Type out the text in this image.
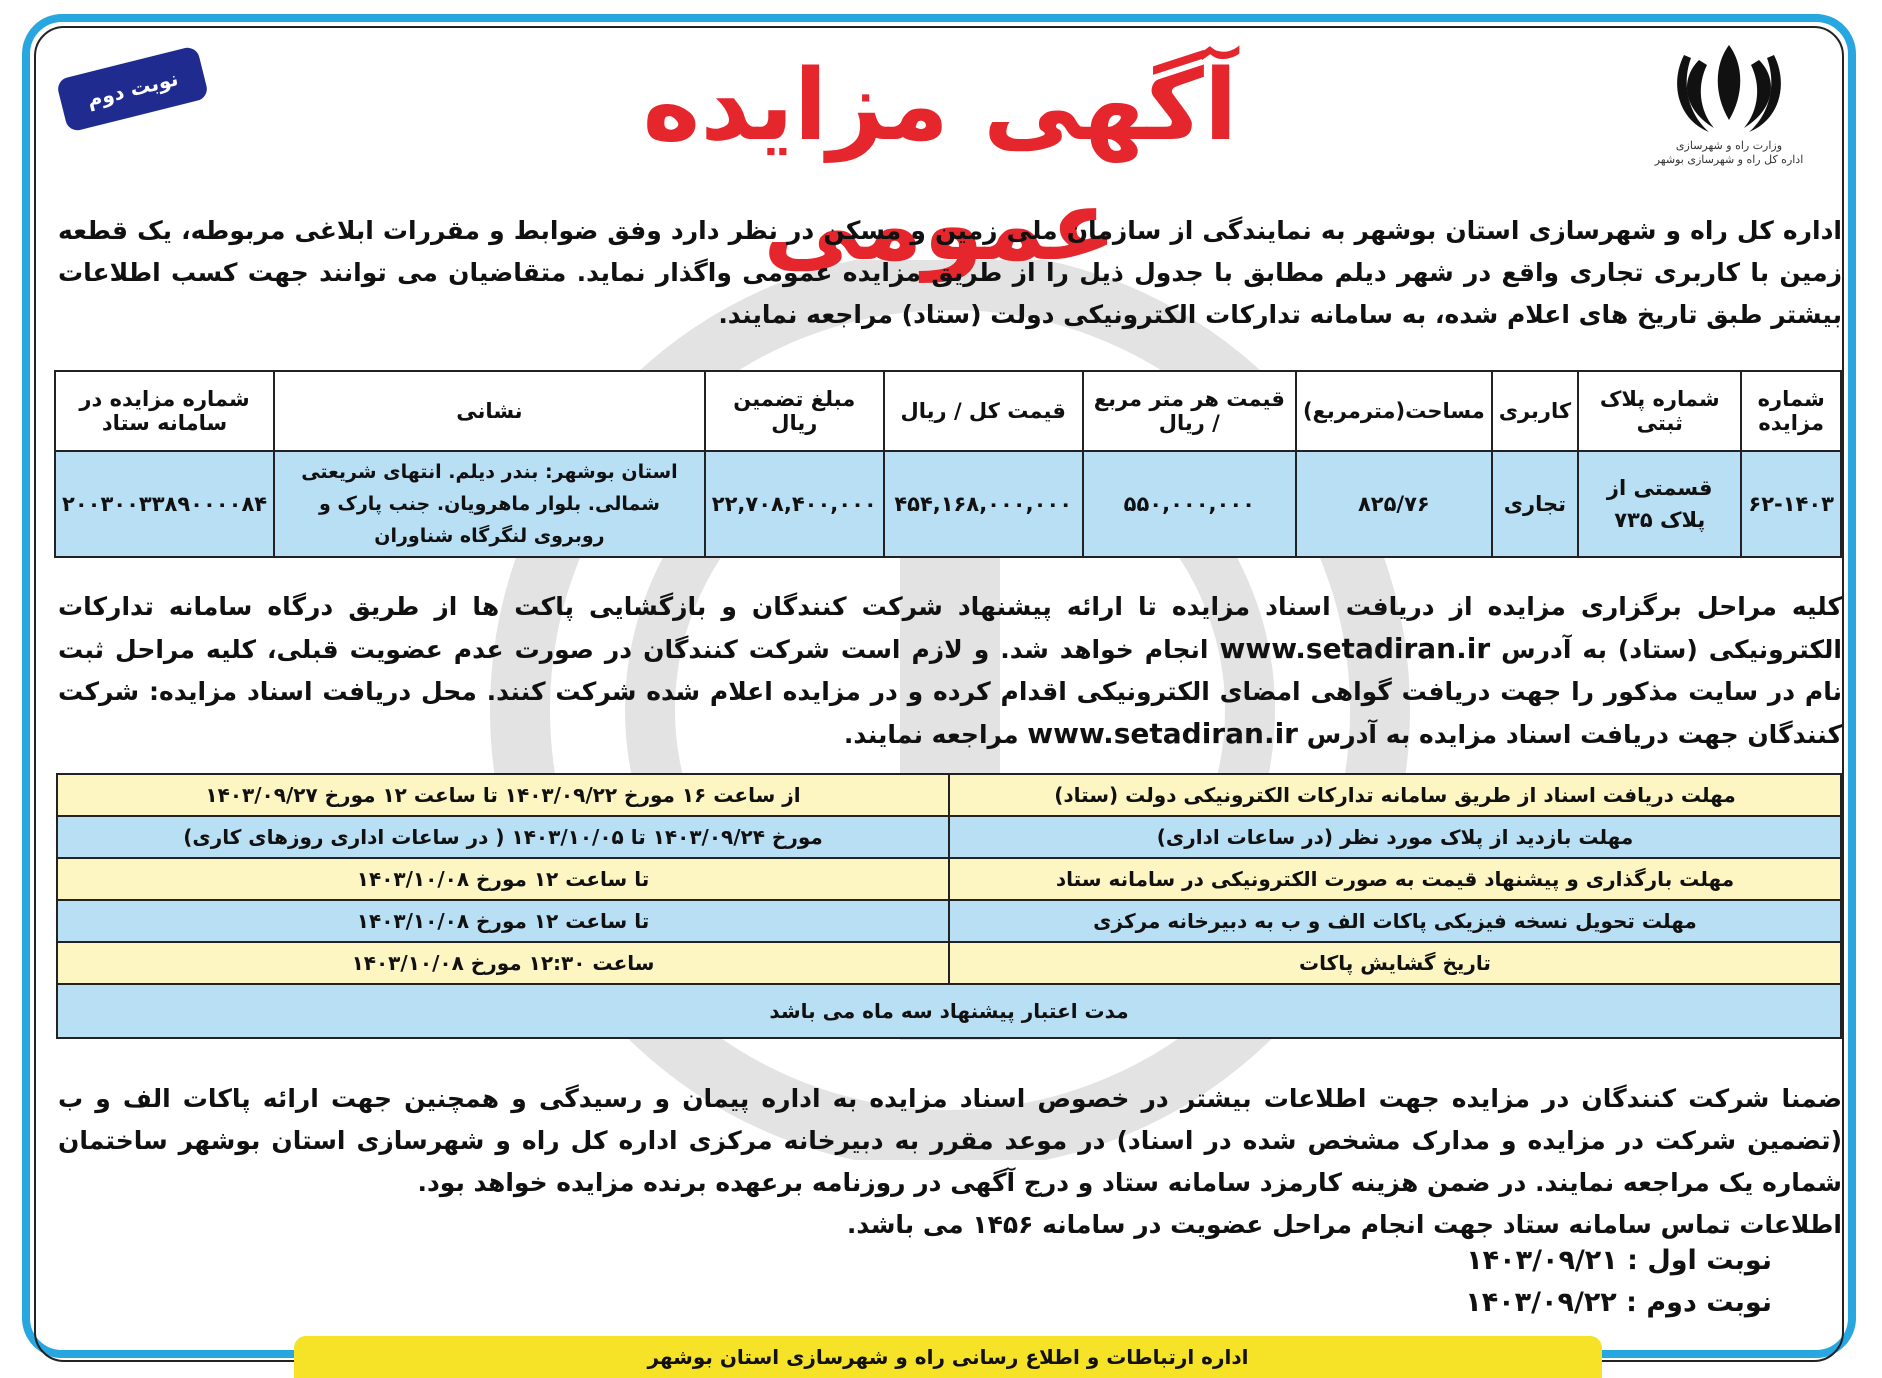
وزارت راه و شهرسازی
اداره کل راه و شهرسازی بوشهر
نوبت دوم	آگهی مزایده عمومی
اداره کل راه و شهرسازی استان بوشهر به نمایندگی از سازمان ملی زمین و مسکن در نظر دارد وفق ضوابط و مقررات ابلاغی مربوطه، یک قطعه زمین با کاربری تجاری واقع در شهر دیلم مطابق با جدول ذیل را از طریق مزایده عمومی واگذار نماید. متقاضیان می توانند جهت کسب اطلاعات بیشتر طبق تاریخ های اعلام شده، به سامانه تدارکات الکترونیکی دولت (ستاد) مراجعه نمایند.
شماره مزایده	شماره پلاک ثبتی	کاربری	مساحت(مترمربع)	قیمت هر متر مربع / ریال	قیمت کل / ریال	مبلغ تضمین ریال	نشانی	شماره مزایده در سامانه ستاد
۶۲-۱۴۰۳	قسمتی از پلاک ۷۳۵	تجاری	۸۲۵/۷۶	۵۵۰,۰۰۰,۰۰۰	۴۵۴,۱۶۸,۰۰۰,۰۰۰	۲۲,۷۰۸,۴۰۰,۰۰۰	استان بوشهر: بندر دیلم. انتهای شریعتی شمالی. بلوار ماهرویان. جنب پارک و روبروی لنگرگاه شناوران	۲۰۰۳۰۰۳۳۸۹۰۰۰۰۸۴
کلیه مراحل برگزاری مزایده از دریافت اسناد مزایده تا ارائه پیشنهاد شرکت کنندگان و بازگشایی پاکت ها از طریق درگاه سامانه تدارکات الکترونیکی (ستاد) به آدرس www.setadiran.ir انجام خواهد شد. و لازم است شرکت کنندگان در صورت عدم عضویت قبلی، کلیه مراحل ثبت نام در سایت مذکور را جهت دریافت گواهی امضای الکترونیکی اقدام کرده و در مزایده اعلام شده شرکت کنند. محل دریافت اسناد مزایده: شرکت کنندگان جهت دریافت اسناد مزایده به آدرس www.setadiran.ir مراجعه نمایند.
مهلت دریافت اسناد از طریق سامانه تدارکات الکترونیکی دولت (ستاد)	از ساعت ۱۶ مورخ ۱۴۰۳/۰۹/۲۲ تا ساعت ۱۲ مورخ ۱۴۰۳/۰۹/۲۷
مهلت بازدید از پلاک مورد نظر (در ساعات اداری)	مورخ ۱۴۰۳/۰۹/۲۴ تا ۱۴۰۳/۱۰/۰۵ ( در ساعات اداری روزهای کاری)
مهلت بارگذاری و پیشنهاد قیمت به صورت الکترونیکی در سامانه ستاد	تا ساعت ۱۲ مورخ ۱۴۰۳/۱۰/۰۸
مهلت تحویل نسخه فیزیکی پاکات الف و ب به دبیرخانه مرکزی	تا ساعت ۱۲ مورخ ۱۴۰۳/۱۰/۰۸
تاریخ گشایش پاکات	ساعت ۱۲:۳۰ مورخ ۱۴۰۳/۱۰/۰۸
مدت اعتبار پیشنهاد سه ماه می باشد	
ضمنا شرکت کنندگان در مزایده جهت اطلاعات بیشتر در خصوص اسناد مزایده به اداره پیمان و رسیدگی و همچنین جهت ارائه پاکات الف و ب (تضمین شرکت در مزایده و مدارک مشخص شده در اسناد) در موعد مقرر به دبیرخانه مرکزی اداره کل راه و شهرسازی استان بوشهر ساختمان شماره یک مراجعه نمایند. در ضمن هزینه کارمزد سامانه ستاد و درج آگهی در روزنامه برعهده برنده مزایده خواهد بود.
اطلاعات تماس سامانه ستاد جهت انجام مراحل عضویت در سامانه ۱۴۵۶ می باشد.
نوبت اول : ۱۴۰۳/۰۹/۲۱
نوبت دوم : ۱۴۰۳/۰۹/۲۲
اداره ارتباطات و اطلاع رسانی راه و شهرسازی استان بوشهر
